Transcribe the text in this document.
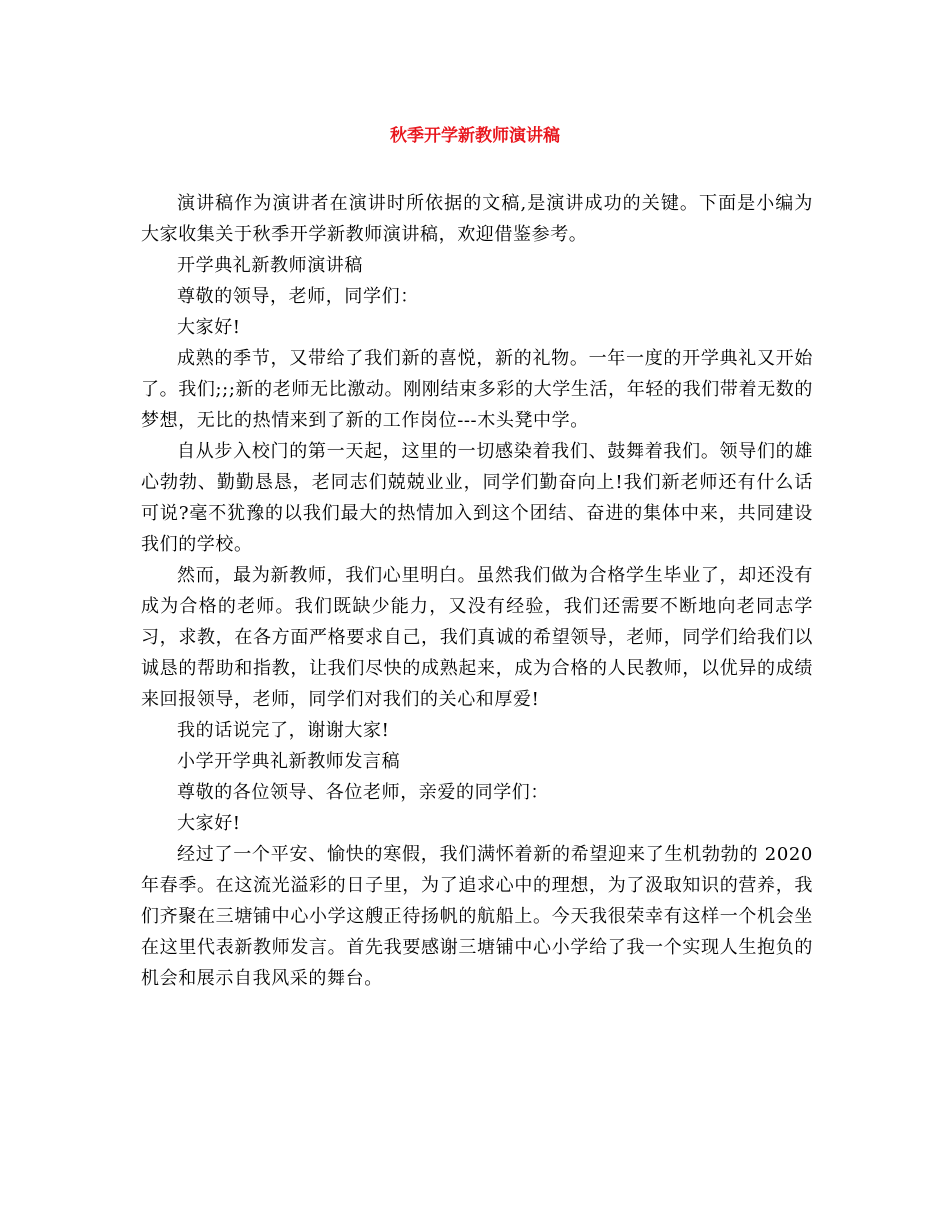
秋季开学新教师演讲稿

演讲稿作为演讲者在演讲时所依据的文稿,是演讲成功的关键。下面是小编为大家收集关于秋季开学新教师演讲稿，欢迎借鉴参考。

开学典礼新教师演讲稿

尊敬的领导，老师，同学们：

大家好!

成熟的季节，又带给了我们新的喜悦，新的礼物。一年一度的开学典礼又开始了。我们;;;新的老师无比激动。刚刚结束多彩的大学生活，年轻的我们带着无数的梦想，无比的热情来到了新的工作岗位---木头凳中学。

自从步入校门的第一天起，这里的一切感染着我们、鼓舞着我们。领导们的雄心勃勃、勤勤恳恳，老同志们兢兢业业，同学们勤奋向上!我们新老师还有什么话可说?毫不犹豫的以我们最大的热情加入到这个团结、奋进的集体中来，共同建设我们的学校。

然而，最为新教师，我们心里明白。虽然我们做为合格学生毕业了，却还没有成为合格的老师。我们既缺少能力，又没有经验，我们还需要不断地向老同志学习，求教，在各方面严格要求自己，我们真诚的希望领导，老师，同学们给我们以诚恳的帮助和指教，让我们尽快的成熟起来，成为合格的人民教师，以优异的成绩来回报领导，老师，同学们对我们的关心和厚爱!

我的话说完了，谢谢大家!

小学开学典礼新教师发言稿

尊敬的各位领导、各位老师，亲爱的同学们：

大家好!

经过了一个平安、愉快的寒假，我们满怀着新的希望迎来了生机勃勃的 2020 年春季。在这流光溢彩的日子里，为了追求心中的理想，为了汲取知识的营养，我们齐聚在三塘铺中心小学这艘正待扬帆的航船上。今天我很荣幸有这样一个机会坐在这里代表新教师发言。首先我要感谢三塘铺中心小学给了我一个实现人生抱负的机会和展示自我风采的舞台。
